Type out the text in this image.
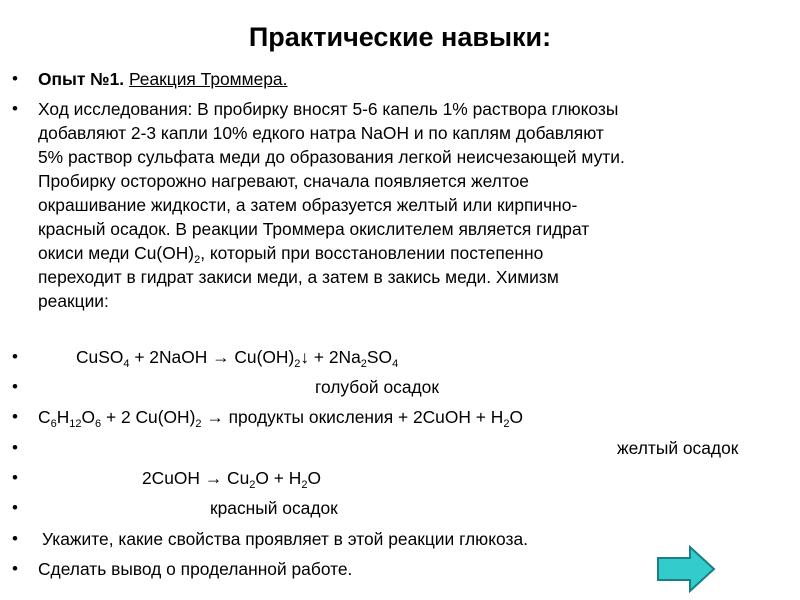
Практические навыки:
•
•
•
•
•
•
•
•
•
•
Опыт №1. Реакция Троммера.
Ход исследования: В пробирку вносят 5-6 капель 1% раствора глюкозы
добавляют 2-3 капли 10% едкого натра NaOH и по каплям добавляют
5% раствор сульфата меди до образования легкой неисчезающей мути.
Пробирку осторожно нагревают, сначала появляется желтое
окрашивание жидкости, а затем образуется желтый или кирпично-
красный осадок. В реакции Троммера окислителем является гидрат
окиси меди $Cu(OH)_2$, который при восстановлении постепенно
переходит в гидрат закиси меди, а затем в закись меди. Химизм
реакции:
CuSO$_4$ + 2NaOH → $Cu(OH)_2↓ + 2Na_2SO_4$
голубой осадок
$C_6H_{12}O_6 + 2$ $Cu(OH)_2$ → продукты окисления + 2CuOH + $H_2O$
желтый осадок
2CuOH → $Cu_2O + H_2O$
красный осадок
Укажите, какие свойства проявляет в этой реакции глюкоза.
Сделать вывод о проделанной работе.
